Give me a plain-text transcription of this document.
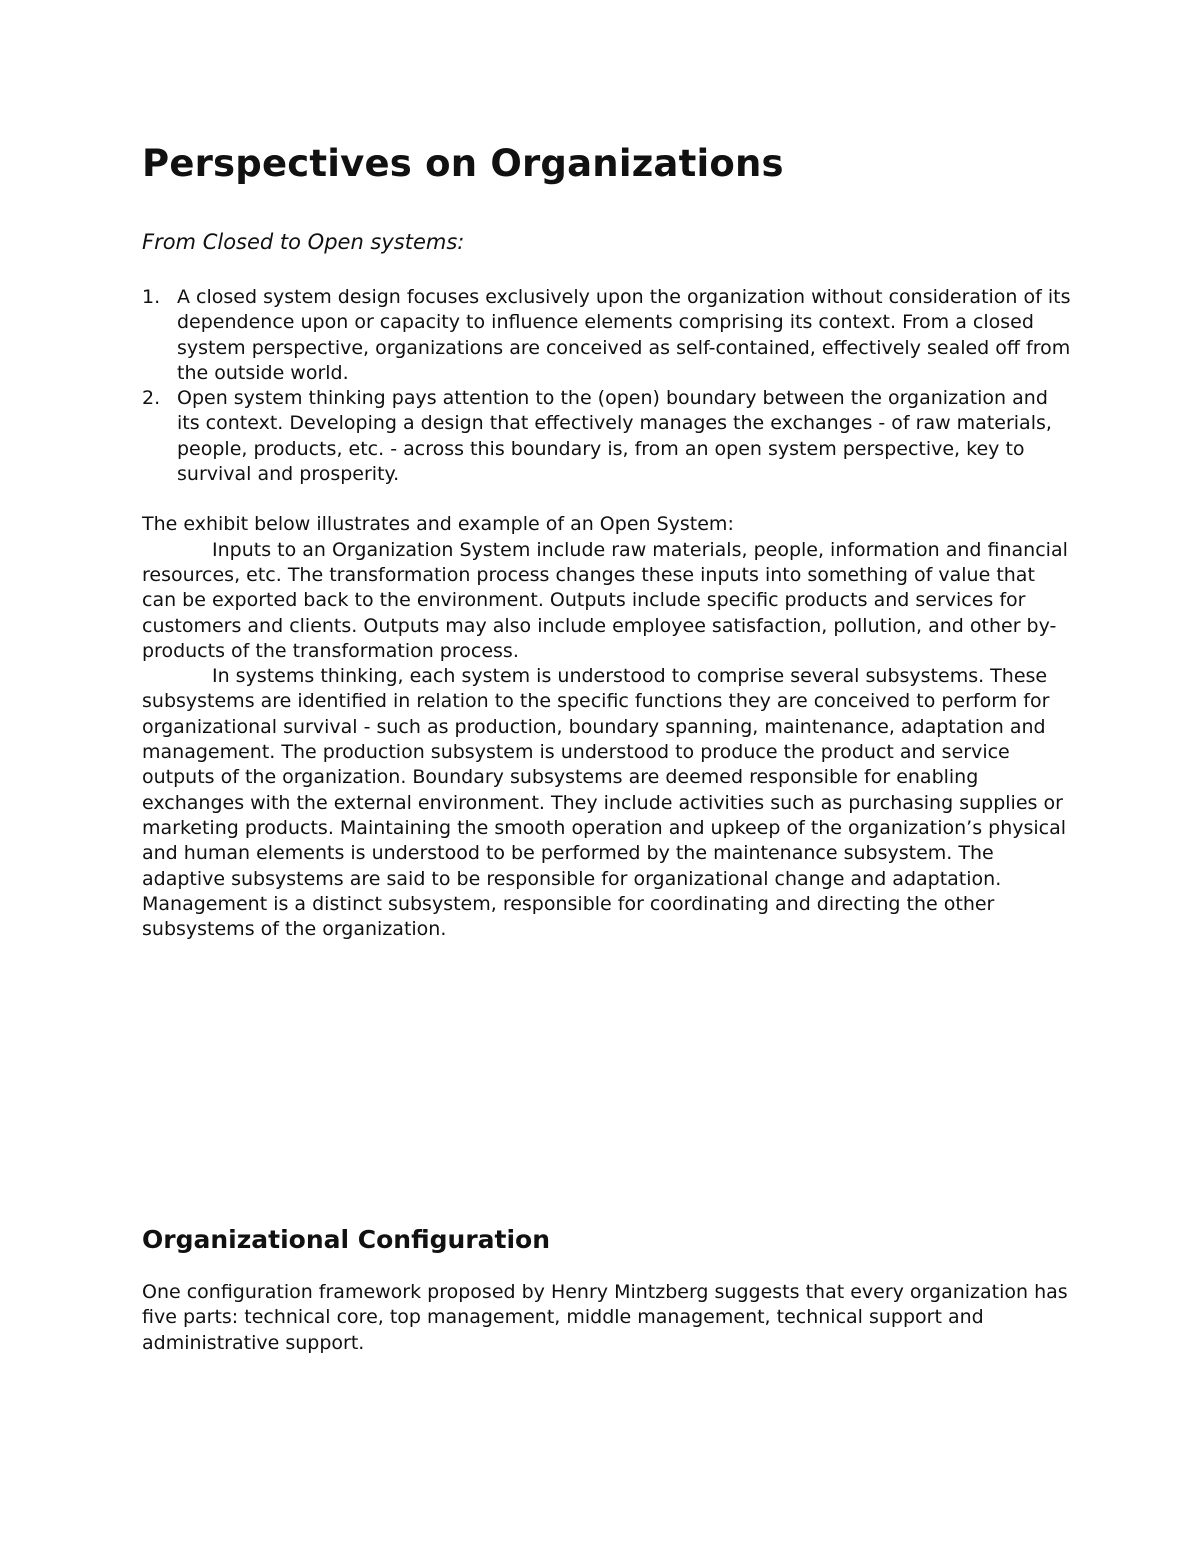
Perspectives on Organizations
From Closed to Open systems:
1. A closed system design focuses exclusively upon the organization without consideration of its dependence upon or capacity to influence elements comprising its context. From a closed system perspective, organizations are conceived as self-contained, effectively sealed off from the outside world.
2. Open system thinking pays attention to the (open) boundary between the organization and its context. Developing a design that effectively manages the exchanges - of raw materials, people, products, etc. - across this boundary is, from an open system perspective, key to survival and prosperity.

The exhibit below illustrates and example of an Open System:

Inputs to an Organization System include raw materials, people, information and financial resources, etc. The transformation process changes these inputs into something of value that can be exported back to the environment. Outputs include specific products and services for customers and clients. Outputs may also include employee satisfaction, pollution, and other by-products of the transformation process.

In systems thinking, each system is understood to comprise several subsystems. These subsystems are identified in relation to the specific functions they are conceived to perform for organizational survival - such as production, boundary spanning, maintenance, adaptation and management. The production subsystem is understood to produce the product and service outputs of the organization. Boundary subsystems are deemed responsible for enabling exchanges with the external environment. They include activities such as purchasing supplies or marketing products. Maintaining the smooth operation and upkeep of the organization’s physical and human elements is understood to be performed by the maintenance subsystem. The adaptive subsystems are said to be responsible for organizational change and adaptation. Management is a distinct subsystem, responsible for coordinating and directing the other subsystems of the organization.

Organizational Configuration

One configuration framework proposed by Henry Mintzberg suggests that every organization has five parts: technical core, top management, middle management, technical support and administrative support.
